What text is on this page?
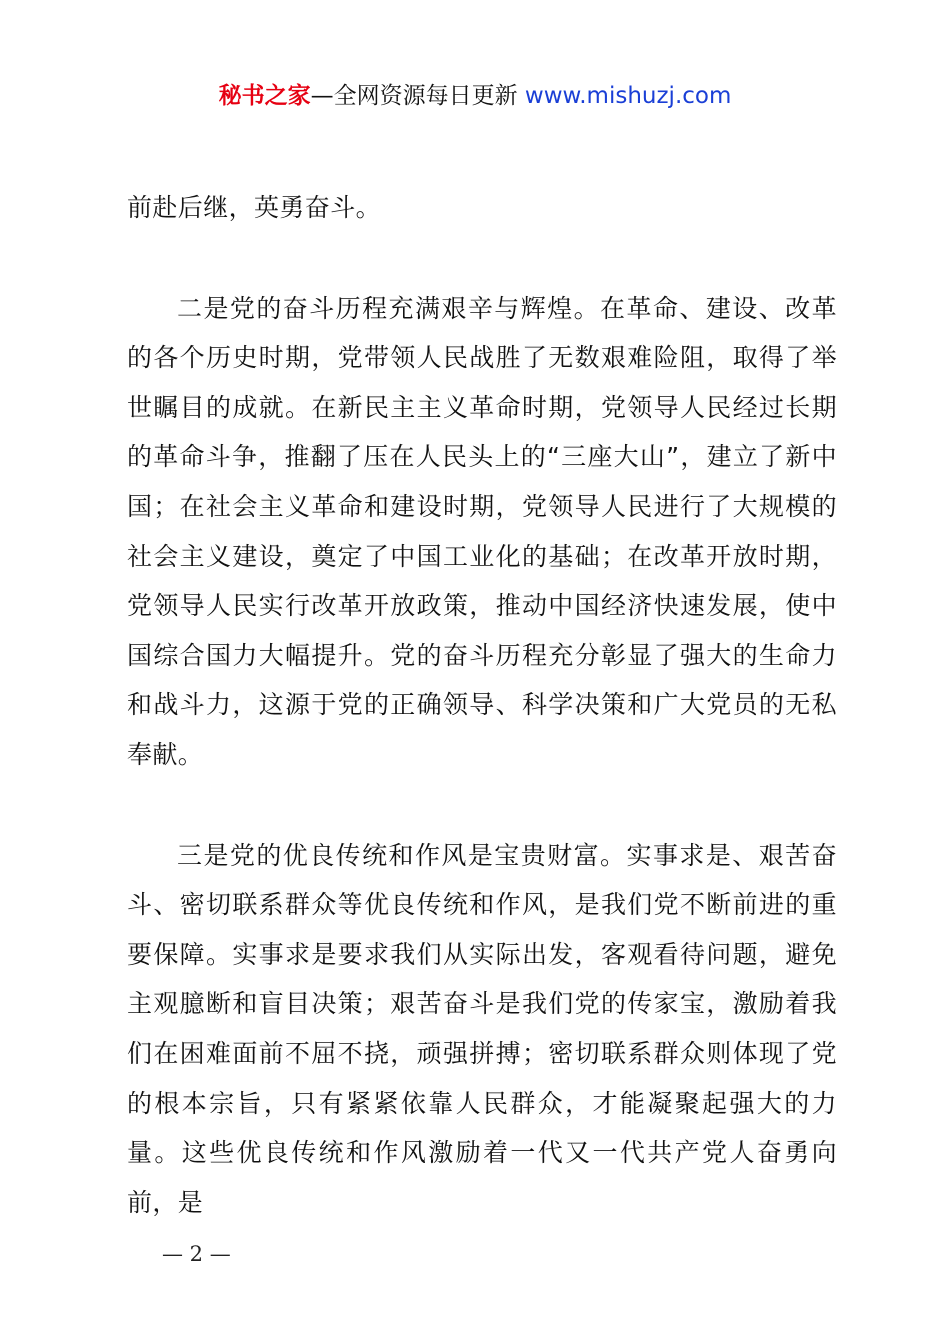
秘书之家—全网资源每日更新 www.mishuzj.com

前赴后继，英勇奋斗。

二是党的奋斗历程充满艰辛与辉煌。在革命、建设、改革的各个历史时期，党带领人民战胜了无数艰难险阻，取得了举世瞩目的成就。在新民主主义革命时期，党领导人民经过长期的革命斗争，推翻了压在人民头上的“三座大山”，建立了新中国；在社会主义革命和建设时期，党领导人民进行了大规模的社会主义建设，奠定了中国工业化的基础；在改革开放时期，党领导人民实行改革开放政策，推动中国经济快速发展，使中国综合国力大幅提升。党的奋斗历程充分彰显了强大的生命力和战斗力，这源于党的正确领导、科学决策和广大党员的无私奉献。

三是党的优良传统和作风是宝贵财富。实事求是、艰苦奋斗、密切联系群众等优良传统和作风，是我们党不断前进的重要保障。实事求是要求我们从实际出发，客观看待问题，避免主观臆断和盲目决策；艰苦奋斗是我们党的传家宝，激励着我们在困难面前不屈不挠，顽强拼搏；密切联系群众则体现了党的根本宗旨，只有紧紧依靠人民群众，才能凝聚起强大的力量。这些优良传统和作风激励着一代又一代共产党人奋勇向前，是

— 2 —
